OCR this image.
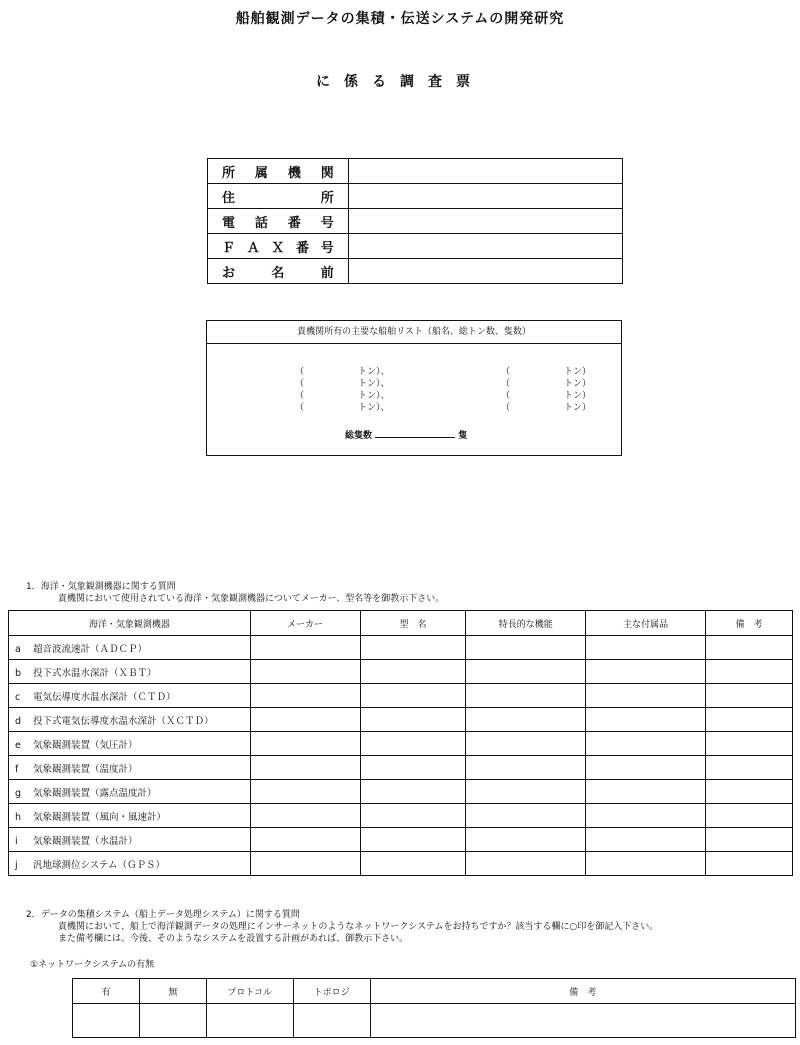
船舶観測データの集積・伝送システムの開発研究
に係る調査票
所属機関	
住所	
電話番号	
ＦＡＸ番号	
お名前	
貴機関所有の主要な船舶リスト（船名、総トン数、隻数）
（　　　　　　トン）、
（　　　　　　トン）、
（　　　　　　トン）、
（　　　　　　トン）、
（　　　　　　トン）
（　　　　　　トン）
（　　　　　　トン）
（　　　　　　トン）
総隻数	隻
1．海洋・気象観測機器に関する質問
貴機関において使用されている海洋・気象観測機器についてメーカー、型名等を御教示下さい。
海洋・気象観測機器	メーカー	型　名	特長的な機能	主な付属品	備　考
a 超音波流速計（ＡＤＣＰ）					
b 投下式水温水深計（ＸＢＴ）					
c 電気伝導度水温水深計（ＣＴＤ）					
d 投下式電気伝導度水温水深計（ＸＣＴＤ）					
e 気象観測装置（気圧計）					
f 気象観測装置（温度計）					
g 気象観測装置（露点温度計）					
h 気象観測装置（風向・風速計）					
i 気象観測装置（水温計）					
j 汎地球測位システム（ＧＰＳ）					
2．データの集積システム（船上データ処理システム）に関する質問
貴機関において、船上で海洋観測データの処理にインサーネットのようなネットワークシステムをお持ちですか？該当する欄に○印を御記入下さい。
また備考欄には、今後、そのようなシステムを設置する計画があれば、御教示下さい。
①ネットワークシステムの有無
有	無	プロトコル	トポロジ	備　考
